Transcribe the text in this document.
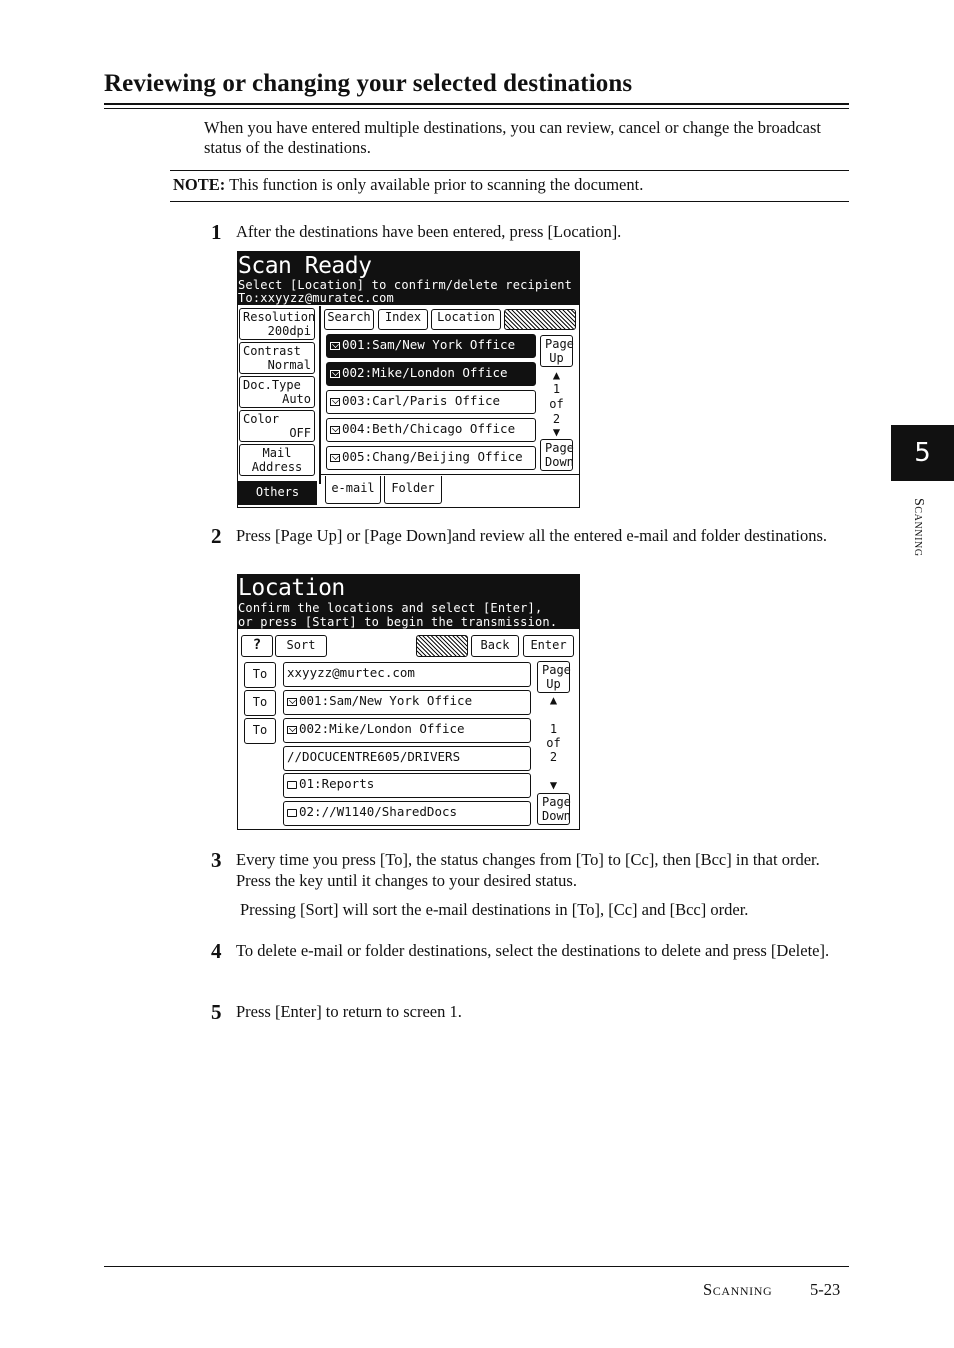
Reviewing or changing your selected destinations
When you have entered multiple destinations, you can review, cancel or change the broadcast status of the destinations.
NOTE: This function is only available prior to scanning the document.
1 After the destinations have been entered, press [Location].
Scan Ready
Select [Location] to confirm/delete recipient
To:xxyyzz@muratec.com
Resolution
200dpi
Contrast
Normal
Doc.Type
Auto
Color
OFF
Mail Address
Others
Search	Index	Location
001:Sam/New York Office
002:Mike/London Office
003:Carl/Paris Office
004:Beth/Chicago Office
005:Chang/Beijing Office
Page Up
▲
1
of
2
▼
Page Down
e-mail	Folder
2 Press [Page Up] or [Page Down]and review all the entered e-mail and folder destinations.
Location
Confirm the locations and select [Enter],
or press [Start] to begin the transmission.
?	Sort	Back	Enter
To
To
To
xxyyzz@murtec.com
001:Sam/New York Office
002:Mike/London Office
//DOCUCENTRE605/DRIVERS
01:Reports
02://W1140/SharedDocs
Page Up
▲
1
of
2
▼
Page Down
3 Every time you press [To], the status changes from [To] to [Cc], then [Bcc] in that order. Press the key until it changes to your desired status.
Pressing [Sort] will sort the e-mail destinations in [To], [Cc] and [Bcc] order.
4 To delete e-mail or folder destinations, select the destinations to delete and press [Delete].
5 Press [Enter] to return to screen 1.
5
Scanning
Scanning 5-23
